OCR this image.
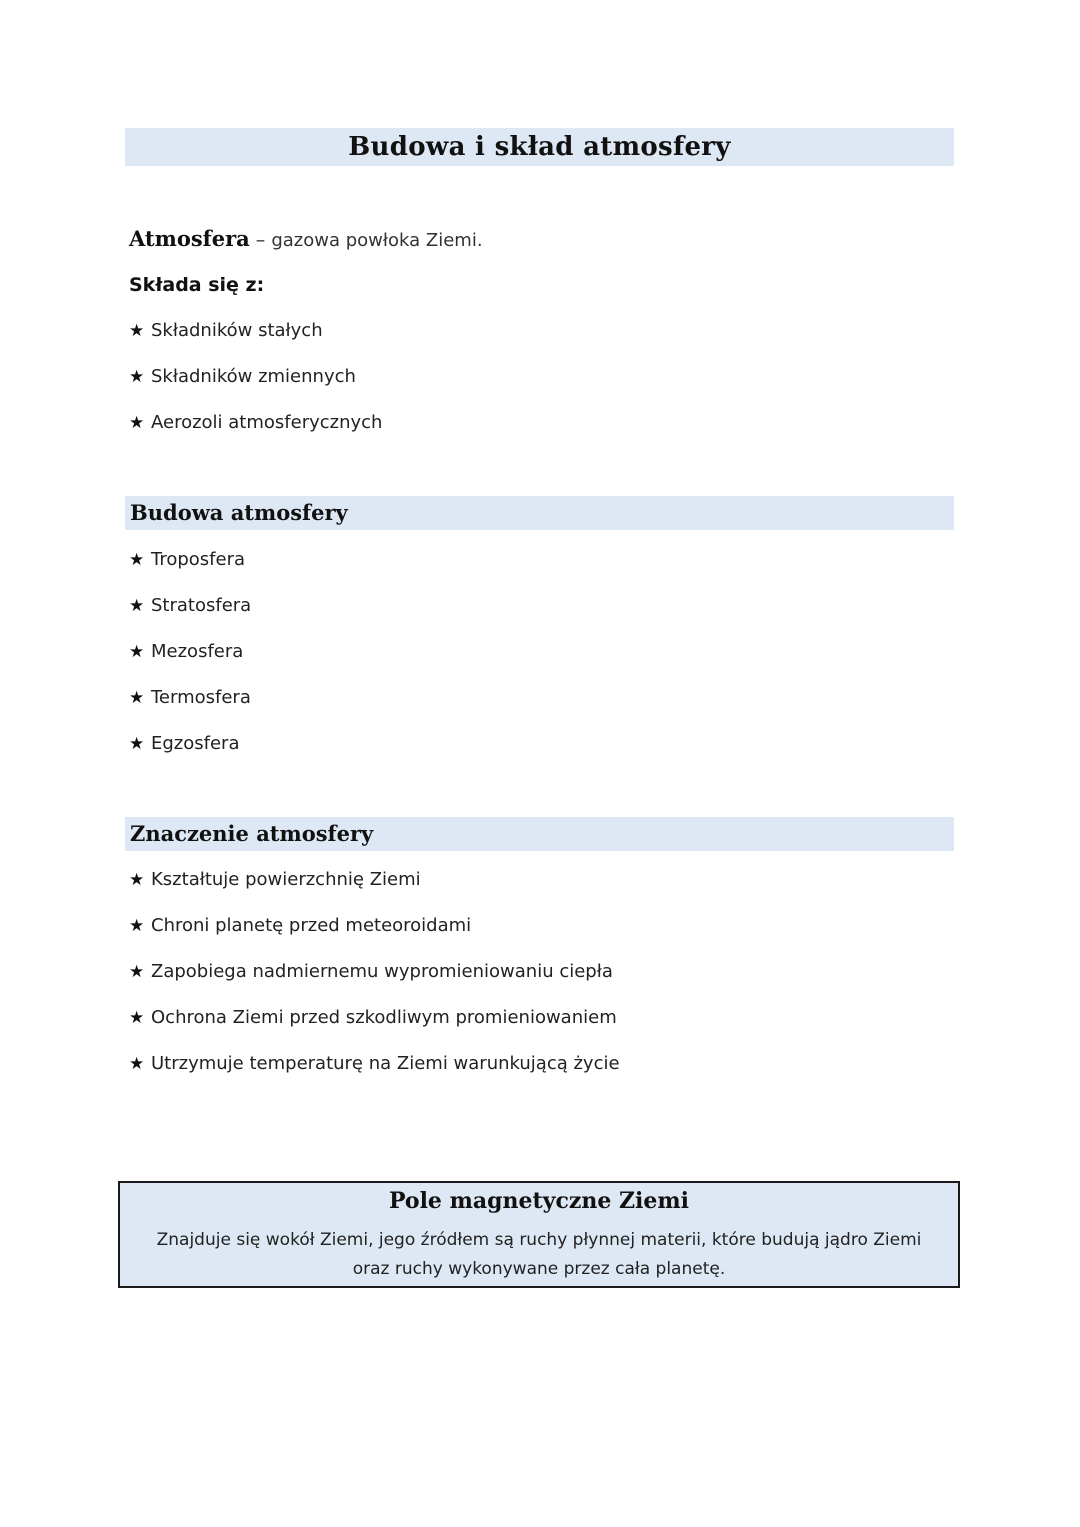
Budowa i skład atmosfery
Atmosfera – gazowa powłoka Ziemi.
Składa się z:
★ Składników stałych
★ Składników zmiennych
★ Aerozoli atmosferycznych
Budowa atmosfery
★ Troposfera
★ Stratosfera
★ Mezosfera
★ Termosfera
★ Egzosfera
Znaczenie atmosfery
★ Kształtuje powierzchnię Ziemi
★ Chroni planetę przed meteoroidami
★ Zapobiega nadmiernemu wypromieniowaniu ciepła
★ Ochrona Ziemi przed szkodliwym promieniowaniem
★ Utrzymuje temperaturę na Ziemi warunkującą życie
Pole magnetyczne Ziemi
Znajduje się wokół Ziemi, jego źródłem są ruchy płynnej materii, które budują jądro Ziemi oraz ruchy wykonywane przez cała planetę.
